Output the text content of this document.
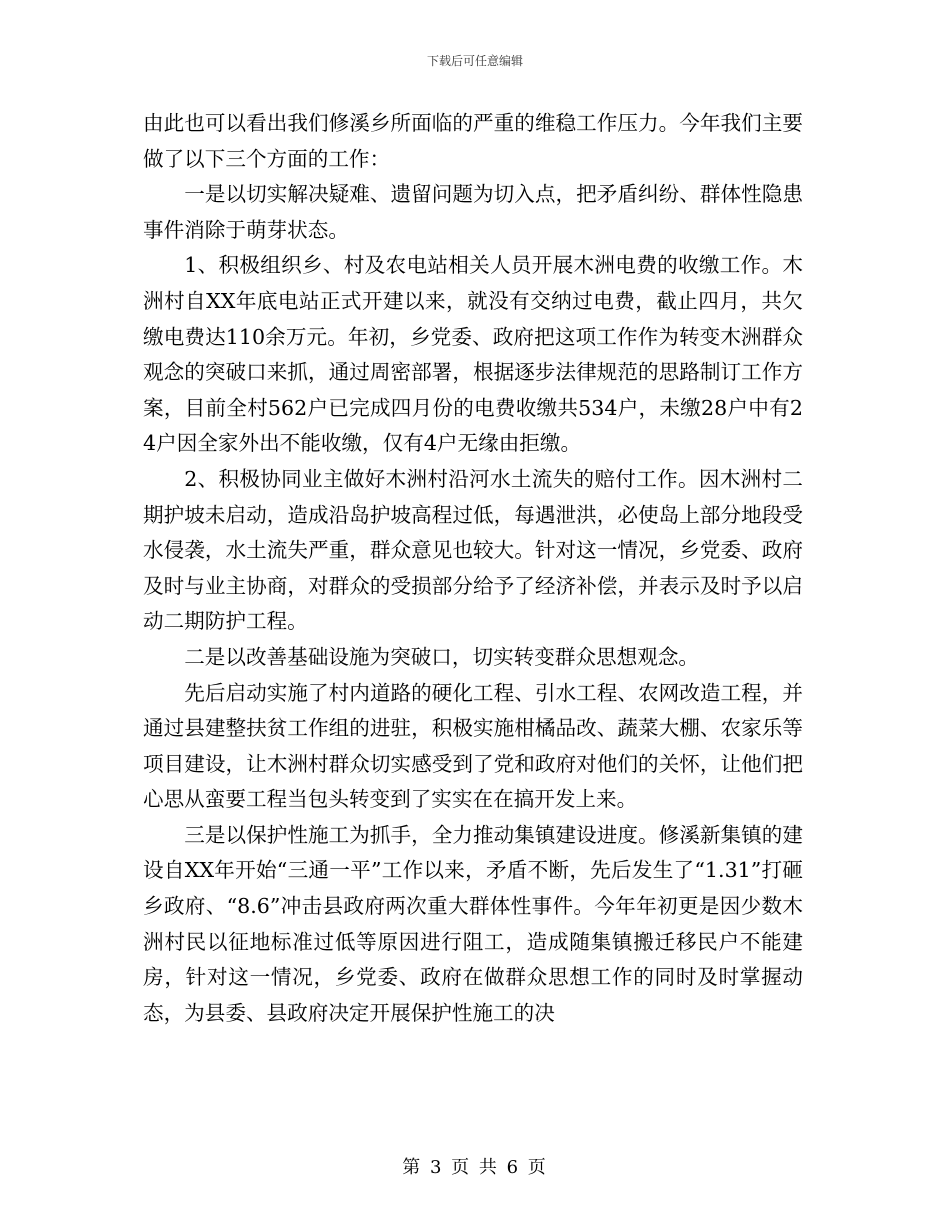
下载后可任意编辑

由此也可以看出我们修溪乡所面临的严重的维稳工作压力。今年我们主要做了以下三个方面的工作：

一是以切实解决疑难、遗留问题为切入点，把矛盾纠纷、群体性隐患事件消除于萌芽状态。

1、积极组织乡、村及农电站相关人员开展木洲电费的收缴工作。木洲村自XX年底电站正式开建以来，就没有交纳过电费，截止四月，共欠缴电费达110余万元。年初，乡党委、政府把这项工作作为转变木洲群众观念的突破口来抓，通过周密部署，根据逐步法律规范的思路制订工作方案，目前全村562户已完成四月份的电费收缴共534户，未缴28户中有24户因全家外出不能收缴，仅有4户无缘由拒缴。

2、积极协同业主做好木洲村沿河水土流失的赔付工作。因木洲村二期护坡未启动，造成沿岛护坡高程过低，每遇泄洪，必使岛上部分地段受水侵袭，水土流失严重，群众意见也较大。针对这一情况，乡党委、政府及时与业主协商，对群众的受损部分给予了经济补偿，并表示及时予以启动二期防护工程。

二是以改善基础设施为突破口，切实转变群众思想观念。

先后启动实施了村内道路的硬化工程、引水工程、农网改造工程，并通过县建整扶贫工作组的进驻，积极实施柑橘品改、蔬菜大棚、农家乐等项目建设，让木洲村群众切实感受到了党和政府对他们的关怀，让他们把心思从蛮要工程当包头转变到了实实在在搞开发上来。

三是以保护性施工为抓手，全力推动集镇建设进度。修溪新集镇的建设自XX年开始“三通一平”工作以来，矛盾不断，先后发生了“1.31”打砸乡政府、“8.6”冲击县政府两次重大群体性事件。今年年初更是因少数木洲村民以征地标准过低等原因进行阻工，造成随集镇搬迁移民户不能建房，针对这一情况，乡党委、政府在做群众思想工作的同时及时掌握动态，为县委、县政府决定开展保护性施工的决

第 3 页 共 6 页
